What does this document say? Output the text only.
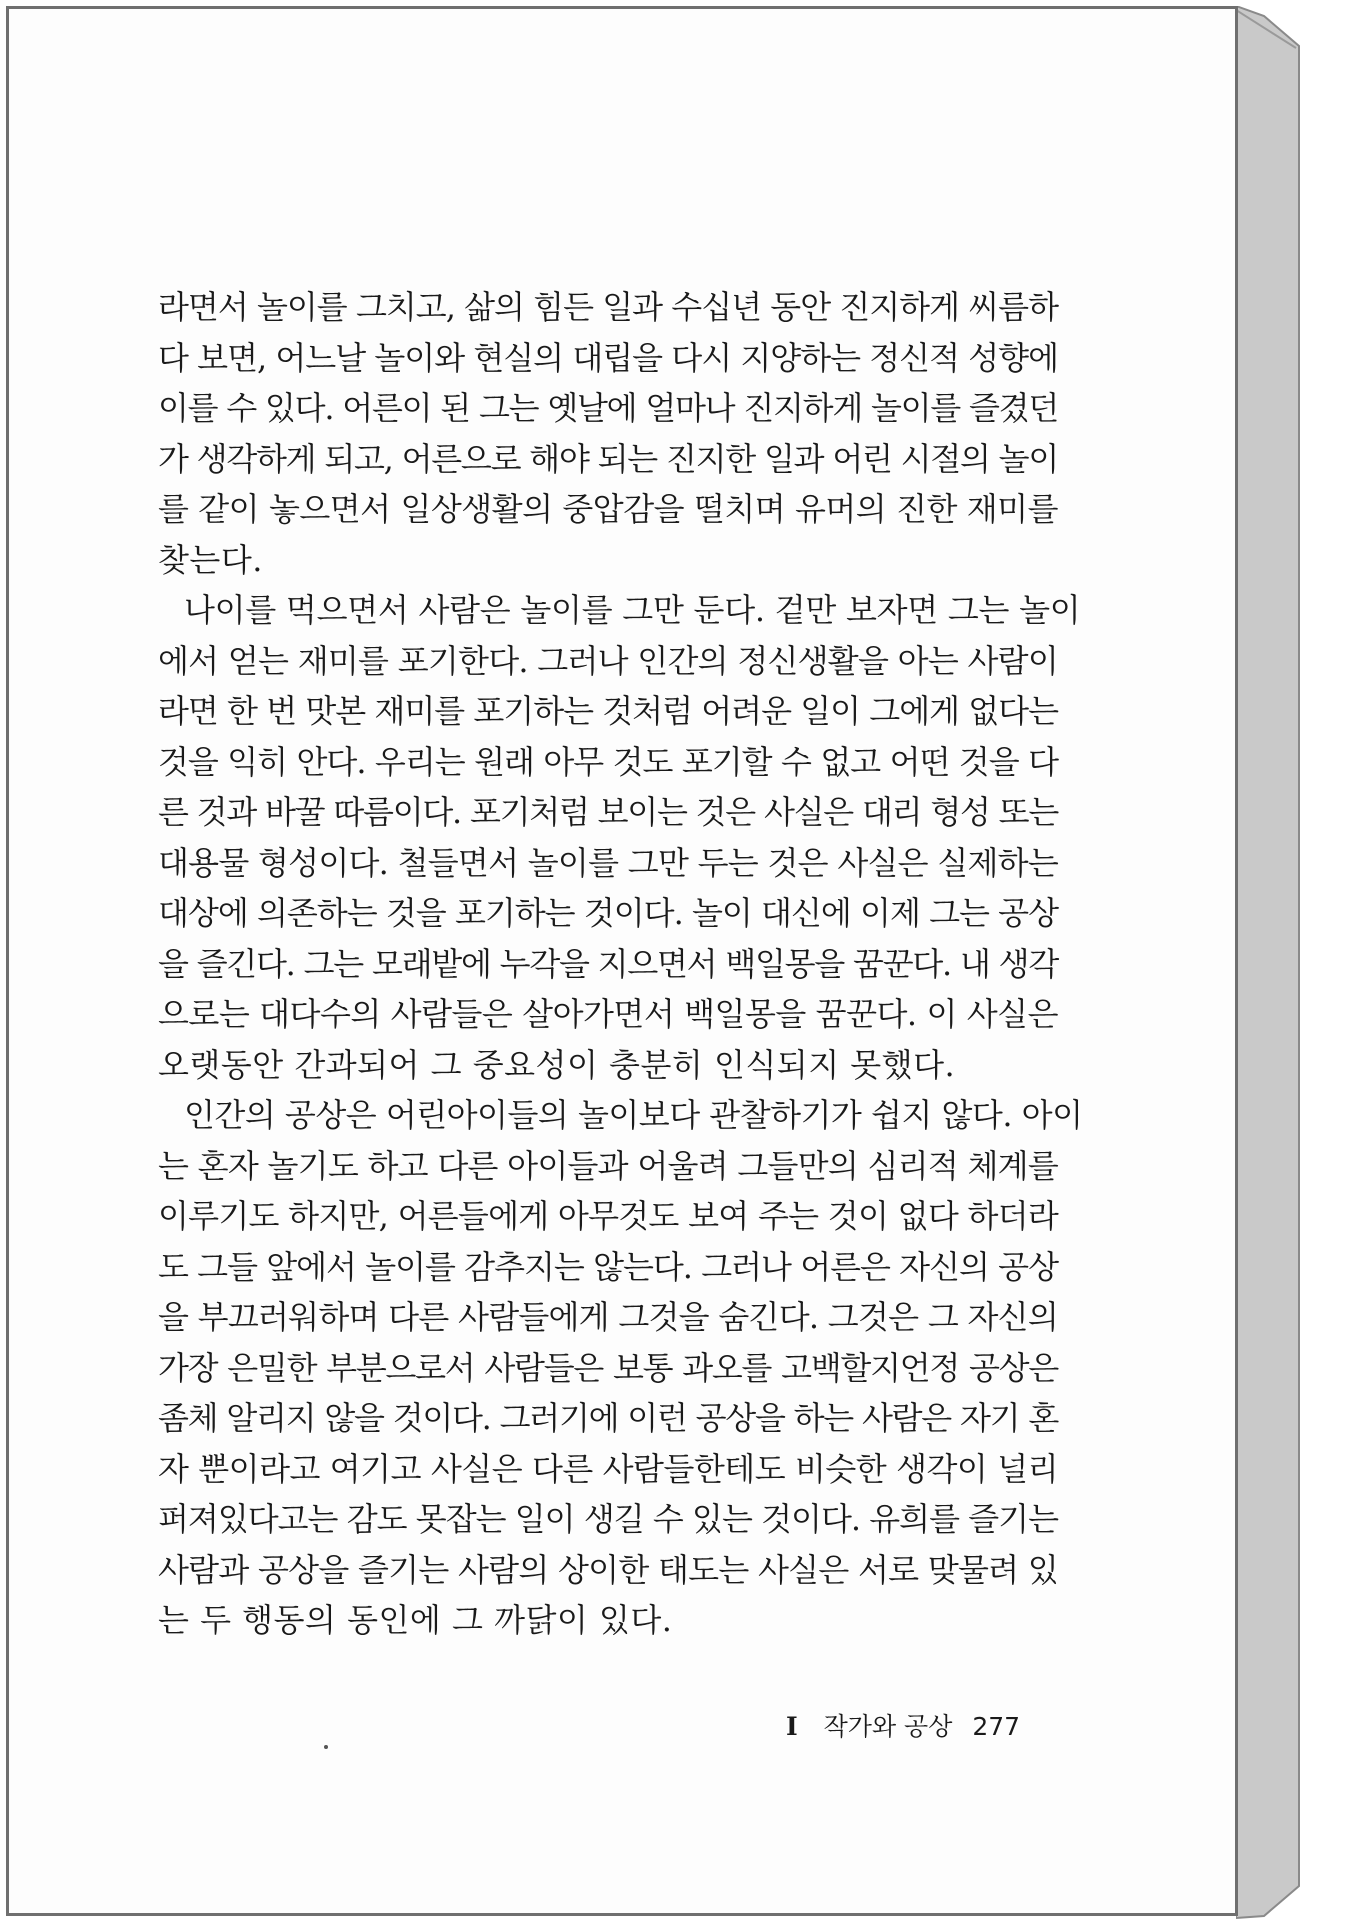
라면서 놀이를 그치고, 삶의 힘든 일과 수십년 동안 진지하게 씨름하
다 보면, 어느날 놀이와 현실의 대립을 다시 지양하는 정신적 성향에
이를 수 있다. 어른이 된 그는 옛날에 얼마나 진지하게 놀이를 즐겼던
가 생각하게 되고, 어른으로 해야 되는 진지한 일과 어린 시절의 놀이
를 같이 놓으면서 일상생활의 중압감을 떨치며 유머의 진한 재미를
찾는다.
나이를 먹으면서 사람은 놀이를 그만 둔다. 겉만 보자면 그는 놀이
에서 얻는 재미를 포기한다. 그러나 인간의 정신생활을 아는 사람이
라면 한 번 맛본 재미를 포기하는 것처럼 어려운 일이 그에게 없다는
것을 익히 안다. 우리는 원래 아무 것도 포기할 수 없고 어떤 것을 다
른 것과 바꿀 따름이다. 포기처럼 보이는 것은 사실은 대리 형성 또는
대용물 형성이다. 철들면서 놀이를 그만 두는 것은 사실은 실제하는
대상에 의존하는 것을 포기하는 것이다. 놀이 대신에 이제 그는 공상
을 즐긴다. 그는 모래밭에 누각을 지으면서 백일몽을 꿈꾼다. 내 생각
으로는 대다수의 사람들은 살아가면서 백일몽을 꿈꾼다. 이 사실은
오랫동안 간과되어 그 중요성이 충분히 인식되지 못했다.
인간의 공상은 어린아이들의 놀이보다 관찰하기가 쉽지 않다. 아이
는 혼자 놀기도 하고 다른 아이들과 어울려 그들만의 심리적 체계를
이루기도 하지만, 어른들에게 아무것도 보여 주는 것이 없다 하더라
도 그들 앞에서 놀이를 감추지는 않는다. 그러나 어른은 자신의 공상
을 부끄러워하며 다른 사람들에게 그것을 숨긴다. 그것은 그 자신의
가장 은밀한 부분으로서 사람들은 보통 과오를 고백할지언정 공상은
좀체 알리지 않을 것이다. 그러기에 이런 공상을 하는 사람은 자기 혼
자 뿐이라고 여기고 사실은 다른 사람들한테도 비슷한 생각이 널리
퍼져있다고는 감도 못잡는 일이 생길 수 있는 것이다. 유희를 즐기는
사람과 공상을 즐기는 사람의 상이한 태도는 사실은 서로 맞물려 있
는 두 행동의 동인에 그 까닭이 있다.
I 작가와 공상 277
